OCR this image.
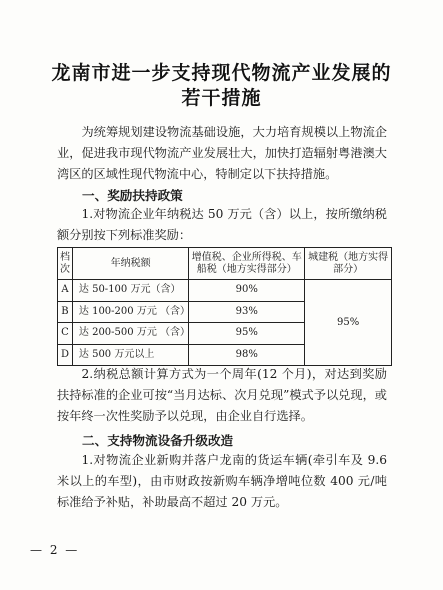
龙南市进一步支持现代物流产业发展的
若干措施
为统筹规划建设物流基础设施，大力培育规模以上物流企业，促进我市现代物流产业发展壮大，加快打造辐射粤港澳大湾区的区域性现代物流中心，特制定以下扶持措施。
一、奖励扶持政策
1.对物流企业年纳税达 50 万元（含）以上，按所缴纳税额分别按下列标准奖励：
档次	年纳税额	增值税、企业所得税、车船税（地方实得部分）	城建税（地方实得部分）
A	达 50-100 万元（含）	90%	95%
B	达 100-200 万元 （含）	93%	
C	达 200-500 万元 （含）	95%	
D	达 500 万元以上	98%	
2.纳税总额计算方式为一个周年(12 个月)，对达到奖励扶持标准的企业可按“当月达标、次月兑现”模式予以兑现，或按年终一次性奖励予以兑现，由企业自行选择。
二、支持物流设备升级改造
1.对物流企业新购并落户龙南的货运车辆(牵引车及 9.6 米以上的车型)，由市财政按新购车辆净增吨位数 400 元/吨标准给予补贴，补助最高不超过 20 万元。
— 2 —
